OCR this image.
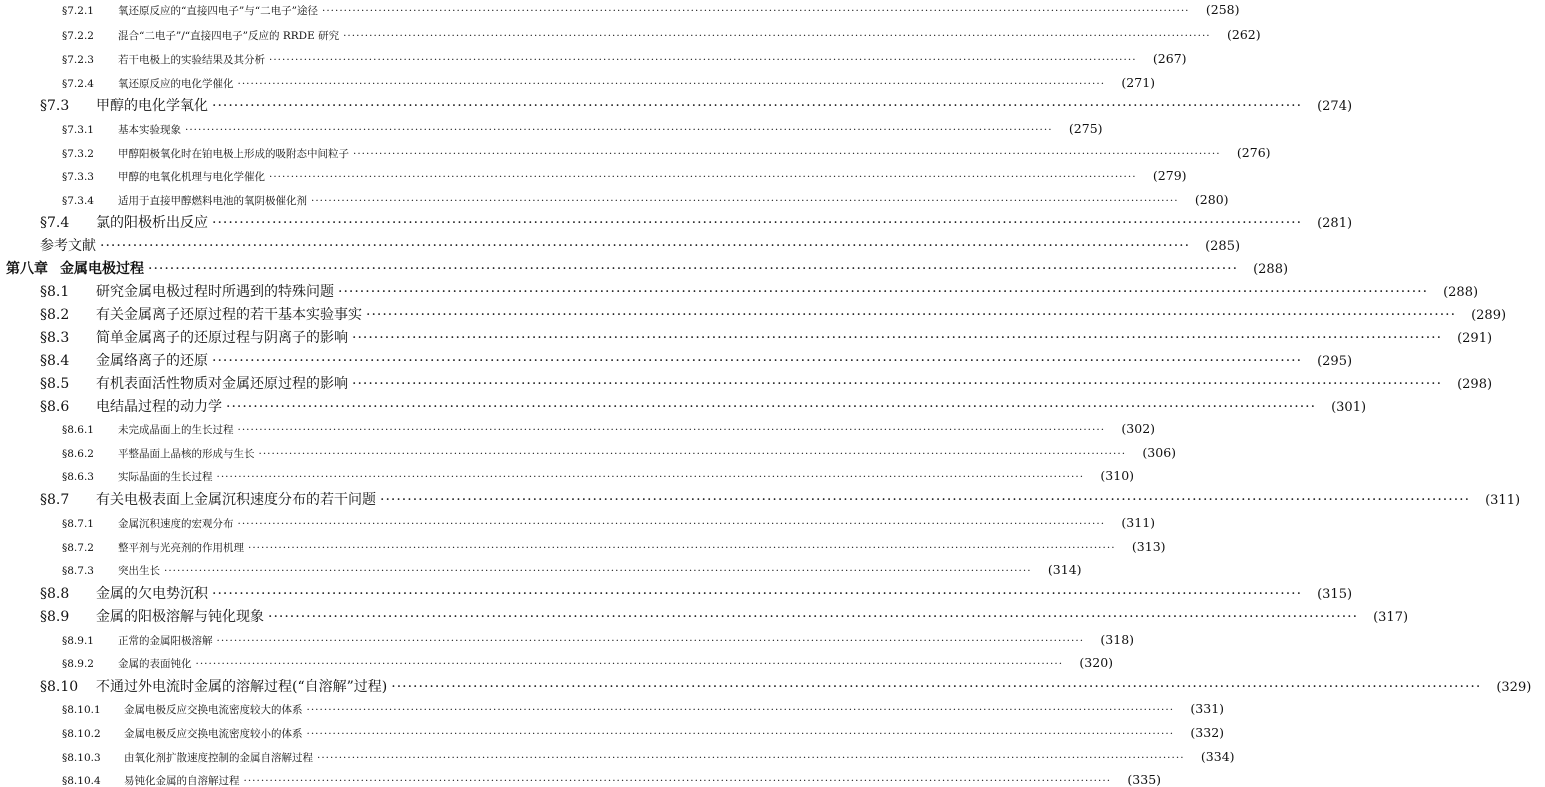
§7.2.1	氧还原反应的“直接四电子”与“二电子”途径 ········································································································································································································	(258)
§7.2.2	混合“二电子”/“直接四电子”反应的 RRDE 研究 ········································································································································································································	(262)
§7.2.3	若干电极上的实验结果及其分析 ········································································································································································································	(267)
§7.2.4	氧还原反应的电化学催化 ········································································································································································································	(271)
§7.3	甲醇的电化学氧化 ········································································································································································································	(274)
§7.3.1	基本实验现象 ········································································································································································································	(275)
§7.3.2	甲醇阳极氧化时在铂电极上形成的吸附态中间粒子 ········································································································································································································	(276)
§7.3.3	甲醇的电氧化机理与电化学催化 ········································································································································································································	(279)
§7.3.4	适用于直接甲醇燃料电池的氧阴极催化剂 ········································································································································································································	(280)
§7.4	氯的阳极析出反应 ········································································································································································································	(281)
参考文献 ········································································································································································································	(285)
第八章 金属电极过程 ········································································································································································································	(288)
§8.1	研究金属电极过程时所遇到的特殊问题 ········································································································································································································	(288)
§8.2	有关金属离子还原过程的若干基本实验事实 ········································································································································································································	(289)
§8.3	简单金属离子的还原过程与阴离子的影响 ········································································································································································································	(291)
§8.4	金属络离子的还原 ········································································································································································································	(295)
§8.5	有机表面活性物质对金属还原过程的影响 ········································································································································································································	(298)
§8.6	电结晶过程的动力学 ········································································································································································································	(301)
§8.6.1	未完成晶面上的生长过程 ········································································································································································································	(302)
§8.6.2	平整晶面上晶核的形成与生长 ········································································································································································································	(306)
§8.6.3	实际晶面的生长过程 ········································································································································································································	(310)
§8.7	有关电极表面上金属沉积速度分布的若干问题 ········································································································································································································	(311)
§8.7.1	金属沉积速度的宏观分布 ········································································································································································································	(311)
§8.7.2	整平剂与光亮剂的作用机理 ········································································································································································································	(313)
§8.7.3	突出生长 ········································································································································································································	(314)
§8.8	金属的欠电势沉积 ········································································································································································································	(315)
§8.9	金属的阳极溶解与钝化现象 ········································································································································································································	(317)
§8.9.1	正常的金属阳极溶解 ········································································································································································································	(318)
§8.9.2	金属的表面钝化 ········································································································································································································	(320)
§8.10	不通过外电流时金属的溶解过程(“自溶解”过程) ········································································································································································································	(329)
§8.10.1	金属电极反应交换电流密度较大的体系 ········································································································································································································	(331)
§8.10.2	金属电极反应交换电流密度较小的体系 ········································································································································································································	(332)
§8.10.3	由氧化剂扩散速度控制的金属自溶解过程 ········································································································································································································	(334)
§8.10.4	易钝化金属的自溶解过程 ········································································································································································································	(335)
